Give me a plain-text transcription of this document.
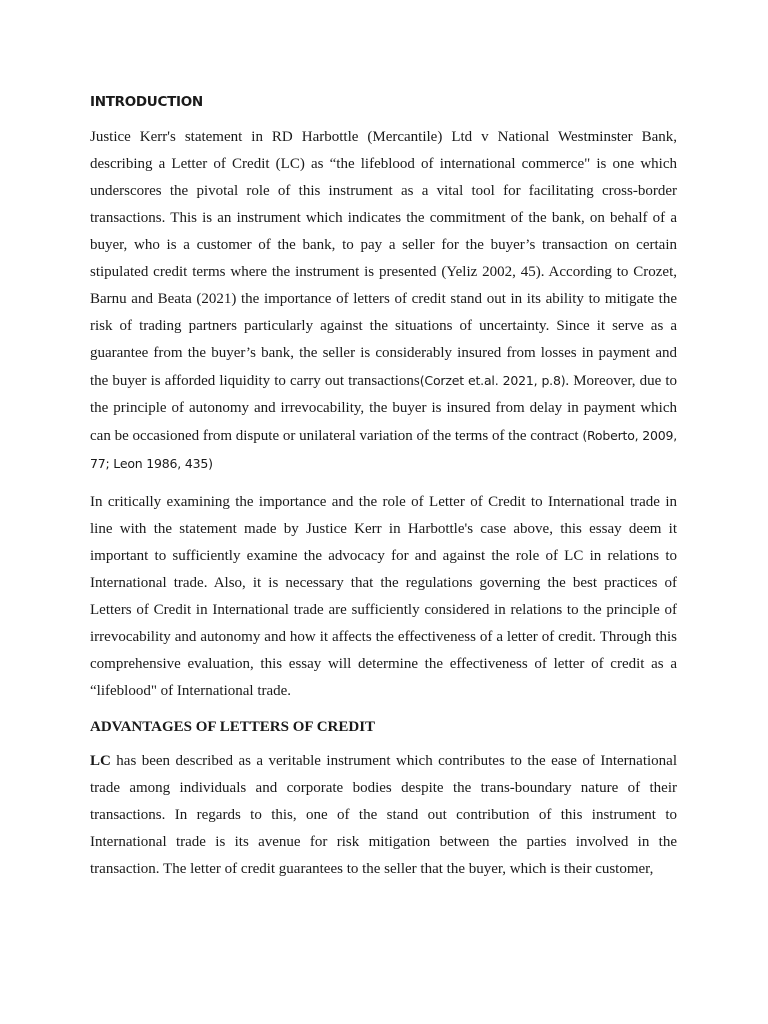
INTRODUCTION

Justice Kerr's statement in RD Harbottle (Mercantile) Ltd v National Westminster Bank, describing a Letter of Credit (LC) as “the lifeblood of international commerce" is one which underscores the pivotal role of this instrument as a vital tool for facilitating cross-border transactions. This is an instrument which indicates the commitment of the bank, on behalf of a buyer, who is a customer of the bank, to pay a seller for the buyer’s transaction on certain stipulated credit terms where the instrument is presented (Yeliz 2002, 45). According to Crozet, Barnu and Beata (2021) the importance of letters of credit stand out in its ability to mitigate the risk of trading partners particularly against the situations of uncertainty. Since it serve as a guarantee from the buyer’s bank, the seller is considerably insured from losses in payment and the buyer is afforded liquidity to carry out transactions(Corzet et.al. 2021, p.8). Moreover, due to the principle of autonomy and irrevocability, the buyer is insured from delay in payment which can be occasioned from dispute or unilateral variation of the terms of the contract (Roberto, 2009, 77; Leon 1986, 435)

In critically examining the importance and the role of Letter of Credit to International trade in line with the statement made by Justice Kerr in Harbottle's case above, this essay deem it important to sufficiently examine the advocacy for and against the role of LC in relations to International trade. Also, it is necessary that the regulations governing the best practices of Letters of Credit in International trade are sufficiently considered in relations to the principle of irrevocability and autonomy and how it affects the effectiveness of a letter of credit. Through this comprehensive evaluation, this essay will determine the effectiveness of letter of credit as a “lifeblood" of International trade.

ADVANTAGES OF LETTERS OF CREDIT

LC has been described as a veritable instrument which contributes to the ease of International trade among individuals and corporate bodies despite the trans-boundary nature of their transactions. In regards to this, one of the stand out contribution of this instrument to International trade is its avenue for risk mitigation between the parties involved in the transaction. The letter of credit guarantees to the seller that the buyer, which is their customer,
